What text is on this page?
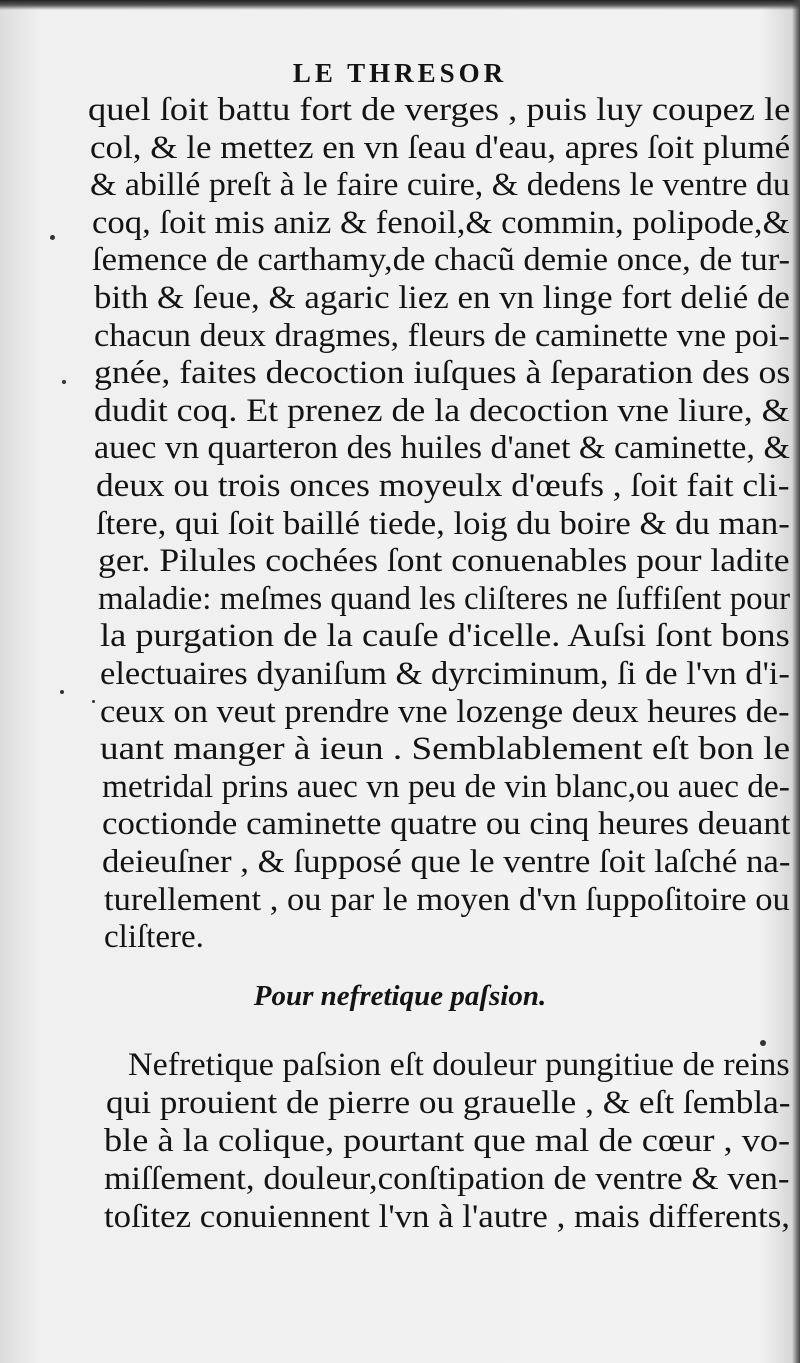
LE THRESOR
quel ſoit battu fort de verges , puis luy coupez le
col, & le mettez en vn ſeau d'eau, apres ſoit plumé
& abillé preſt à le faire cuire, & dedens le ventre du
coq, ſoit mis aniz & fenoil,& commin, polipode,&
ſemence de carthamy,de chacũ demie once, de tur-
bith & ſeue, & agaric liez en vn linge fort delié de
chacun deux dragmes, fleurs de caminette vne poi-
gnée, faites decoction iuſques à ſeparation des os
dudit coq. Et prenez de la decoction vne liure, &
auec vn quarteron des huiles d'anet & caminette, &
deux ou trois onces moyeulx d'œufs , ſoit fait cli-
ſtere, qui ſoit baillé tiede, loig du boire & du man-
ger. Pilules cochées ſont conuenables pour ladite
maladie: meſmes quand les cliſteres ne ſuffiſent pour
la purgation de la cauſe d'icelle. Auſsi ſont bons
electuaires dyaniſum & dyrciminum, ſi de l'vn d'i-
ceux on veut prendre vne lozenge deux heures de-
uant manger à ieun . Semblablement eſt bon le
metridal prins auec vn peu de vin blanc,ou auec de-
coctionde caminette quatre ou cinq heures deuant
deieuſner , & ſupposé que le ventre ſoit laſché na-
turellement , ou par le moyen d'vn ſuppoſitoire ou
cliſtere.
Pour nefretique paſsion.
Nefretique paſsion eſt douleur pungitiue de reins
qui prouient de pierre ou grauelle , & eſt ſembla-
ble à la colique, pourtant que mal de cœur , vo-
miſſement, douleur,conſtipation de ventre & ven-
toſitez conuiennent l'vn à l'autre , mais differents,
